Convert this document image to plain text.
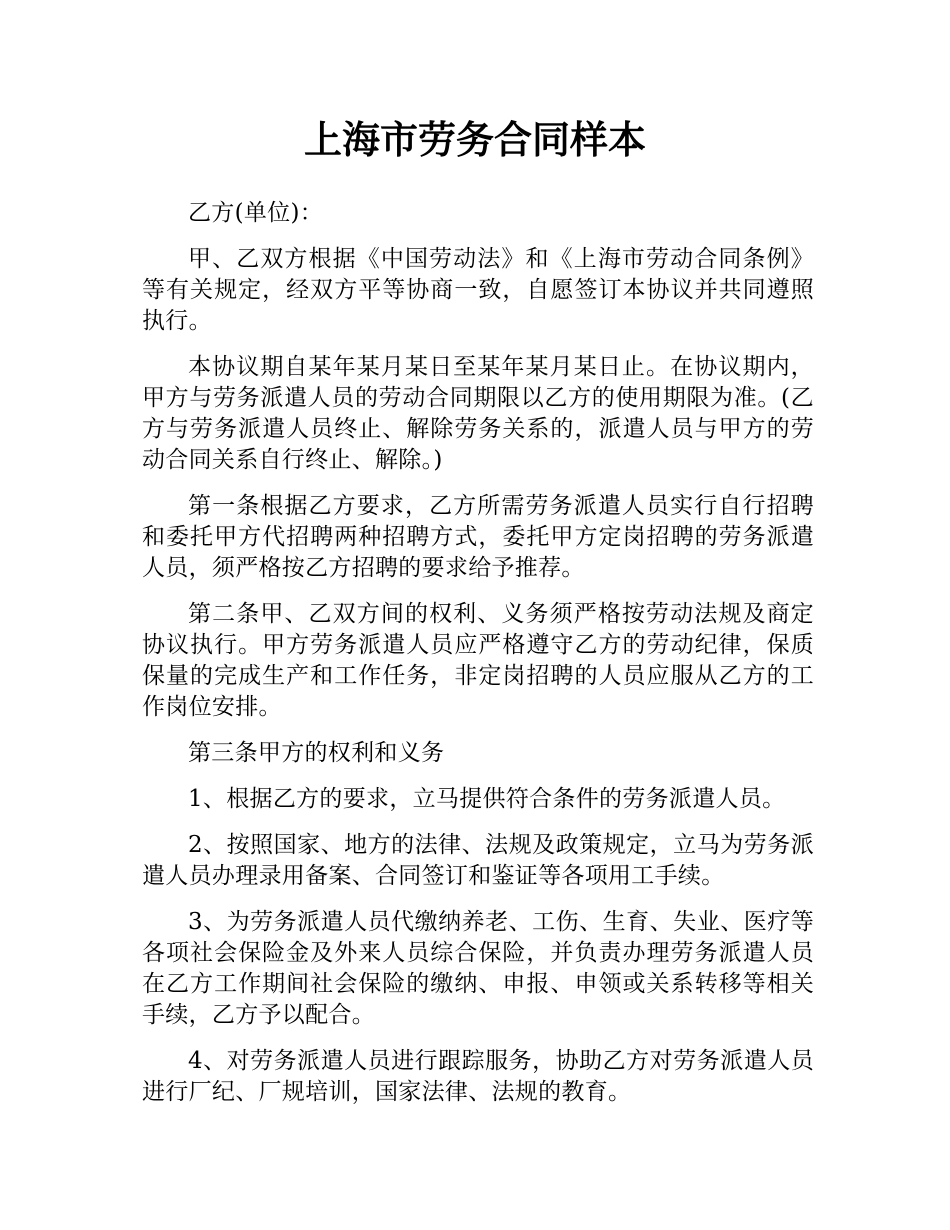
上海市劳务合同样本

乙方(单位)：

甲、乙双方根据《中国劳动法》和《上海市劳动合同条例》等有关规定，经双方平等协商一致，自愿签订本协议并共同遵照执行。

本协议期自某年某月某日至某年某月某日止。在协议期内，甲方与劳务派遣人员的劳动合同期限以乙方的使用期限为准。(乙方与劳务派遣人员终止、解除劳务关系的，派遣人员与甲方的劳动合同关系自行终止、解除。)

第一条根据乙方要求，乙方所需劳务派遣人员实行自行招聘和委托甲方代招聘两种招聘方式，委托甲方定岗招聘的劳务派遣人员，须严格按乙方招聘的要求给予推荐。

第二条甲、乙双方间的权利、义务须严格按劳动法规及商定协议执行。甲方劳务派遣人员应严格遵守乙方的劳动纪律，保质保量的完成生产和工作任务，非定岗招聘的人员应服从乙方的工作岗位安排。

第三条甲方的权利和义务

1、根据乙方的要求，立马提供符合条件的劳务派遣人员。

2、按照国家、地方的法律、法规及政策规定，立马为劳务派遣人员办理录用备案、合同签订和鉴证等各项用工手续。

3、为劳务派遣人员代缴纳养老、工伤、生育、失业、医疗等各项社会保险金及外来人员综合保险，并负责办理劳务派遣人员在乙方工作期间社会保险的缴纳、申报、申领或关系转移等相关手续，乙方予以配合。

4、对劳务派遣人员进行跟踪服务，协助乙方对劳务派遣人员进行厂纪、厂规培训，国家法律、法规的教育。
